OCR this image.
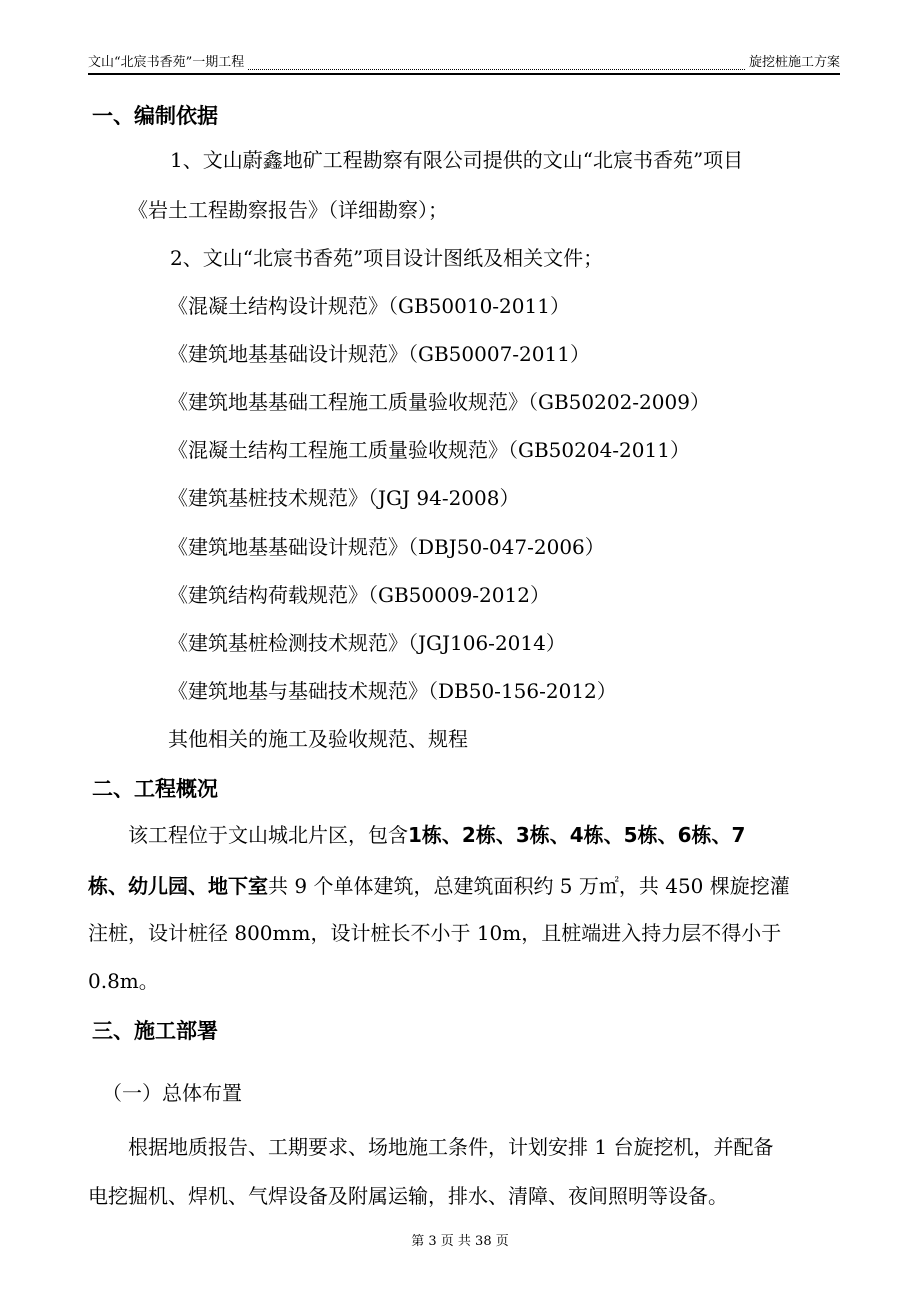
文山“北宸书香苑”一期工程	旋挖桩施工方案
一、编制依据
1、文山蔚鑫地矿工程勘察有限公司提供的文山“北宸书香苑”项目
《岩土工程勘察报告》（详细勘察）；
2、文山“北宸书香苑”项目设计图纸及相关文件；
《混凝土结构设计规范》（GB50010-2011）
《建筑地基基础设计规范》（GB50007-2011）
《建筑地基基础工程施工质量验收规范》（GB50202-2009）
《混凝土结构工程施工质量验收规范》（GB50204-2011）
《建筑基桩技术规范》（JGJ 94-2008）
《建筑地基基础设计规范》（DBJ50-047-2006）
《建筑结构荷载规范》（GB50009-2012）
《建筑基桩检测技术规范》（JGJ106-2014）
《建筑地基与基础技术规范》（DB50-156-2012）
其他相关的施工及验收规范、规程
二、工程概况
该工程位于文山城北片区，包含1栋、2栋、3栋、4栋、5栋、6栋、7
栋、幼儿园、地下室共 9 个单体建筑，总建筑面积约 5 万㎡，共 450 棵旋挖灌
注桩，设计桩径 800mm，设计桩长不小于 10m，且桩端进入持力层不得小于
0.8m。
三、施工部署
（一）总体布置
根据地质报告、工期要求、场地施工条件，计划安排 1 台旋挖机，并配备
电挖掘机、焊机、气焊设备及附属运输，排水、清障、夜间照明等设备。
第 3 页 共 38 页
